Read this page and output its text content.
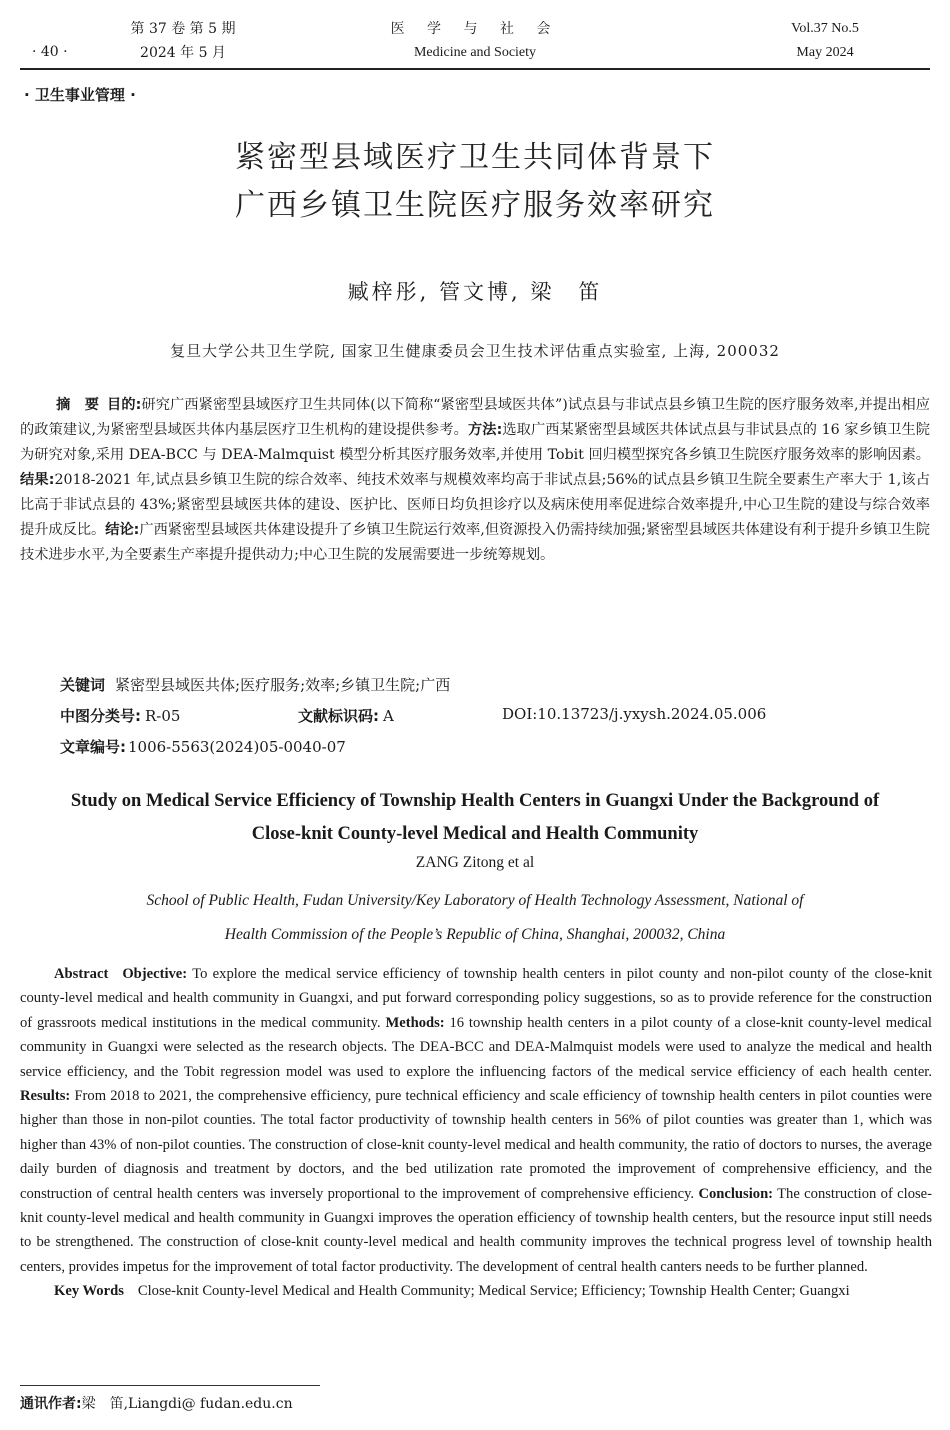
· 40 ·
第 37 卷 第 5 期
2024 年 5 月
医 学 与 社 会
Medicine and Society
Vol.37 No.5
May 2024
· 卫生事业管理 ·
紧密型县域医疗卫生共同体背景下
广西乡镇卫生院医疗服务效率研究
臧梓彤, 管文博, 梁　笛
复旦大学公共卫生学院, 国家卫生健康委员会卫生技术评估重点实验室, 上海, 200032
摘　要 目的:研究广西紧密型县域医疗卫生共同体(以下简称“紧密型县域医共体”)试点县与非试点县乡镇卫生院的医疗服务效率,并提出相应的政策建议,为紧密型县域医共体内基层医疗卫生机构的建设提供参考。方法:选取广西某紧密型县域医共体试点县与非试县点的 16 家乡镇卫生院为研究对象,采用 DEA-BCC 与 DEA-Malmquist 模型分析其医疗服务效率,并使用 Tobit 回归模型探究各乡镇卫生院医疗服务效率的影响因素。结果:2018-2021 年,试点县乡镇卫生院的综合效率、纯技术效率与规模效率均高于非试点县;56%的试点县乡镇卫生院全要素生产率大于 1,该占比高于非试点县的 43%;紧密型县域医共体的建设、医护比、医师日均负担诊疗以及病床使用率促进综合效率提升,中心卫生院的建设与综合效率提升成反比。结论:广西紧密型县域医共体建设提升了乡镇卫生院运行效率,但资源投入仍需持续加强;紧密型县域医共体建设有利于提升乡镇卫生院技术进步水平,为全要素生产率提升提供动力;中心卫生院的发展需要进一步统筹规划。
关键词 紧密型县域医共体;医疗服务;效率;乡镇卫生院;广西
中图分类号: R-05	文献标识码: A	DOI:10.13723/j.yxysh.2024.05.006
文章编号: 1006-5563(2024)05-0040-07
Study on Medical Service Efficiency of Township Health Centers in Guangxi Under the Background of
Close-knit County-level Medical and Health Community
ZANG Zitong et al
School of Public Health, Fudan University/Key Laboratory of Health Technology Assessment, National of
Health Commission of the People’s Republic of China, Shanghai, 200032, China

Abstract Objective: To explore the medical service efficiency of township health centers in pilot county and non-pilot county of the close-knit county-level medical and health community in Guangxi, and put forward corresponding policy suggestions, so as to provide reference for the construction of grassroots medical institutions in the medical community. Methods: 16 township health centers in a pilot county of a close-knit county-level medical community in Guangxi were selected as the research objects. The DEA-BCC and DEA-Malmquist models were used to analyze the medical and health service efficiency, and the Tobit regression model was used to explore the influencing factors of the medical service efficiency of each health center. Results: From 2018 to 2021, the comprehensive efficiency, pure technical efficiency and scale efficiency of township health centers in pilot counties were higher than those in non-pilot counties. The total factor productivity of township health centers in 56% of pilot counties was greater than 1, which was higher than 43% of non-pilot counties. The construction of close-knit county-level medical and health community, the ratio of doctors to nurses, the average daily burden of diagnosis and treatment by doctors, and the bed utilization rate promoted the improvement of comprehensive efficiency, and the construction of central health centers was inversely proportional to the improvement of comprehensive efficiency. Conclusion: The construction of close-knit county-level medical and health community in Guangxi improves the operation efficiency of township health centers, but the resource input still needs to be strengthened. The construction of close-knit county-level medical and health community improves the technical progress level of township health centers, provides impetus for the improvement of total factor productivity. The development of central health canters needs to be further planned.

Key Words Close-knit County-level Medical and Health Community; Medical Service; Efficiency; Township Health Center; Guangxi

通讯作者:梁　笛,Liangdi@ fudan.edu.cn
